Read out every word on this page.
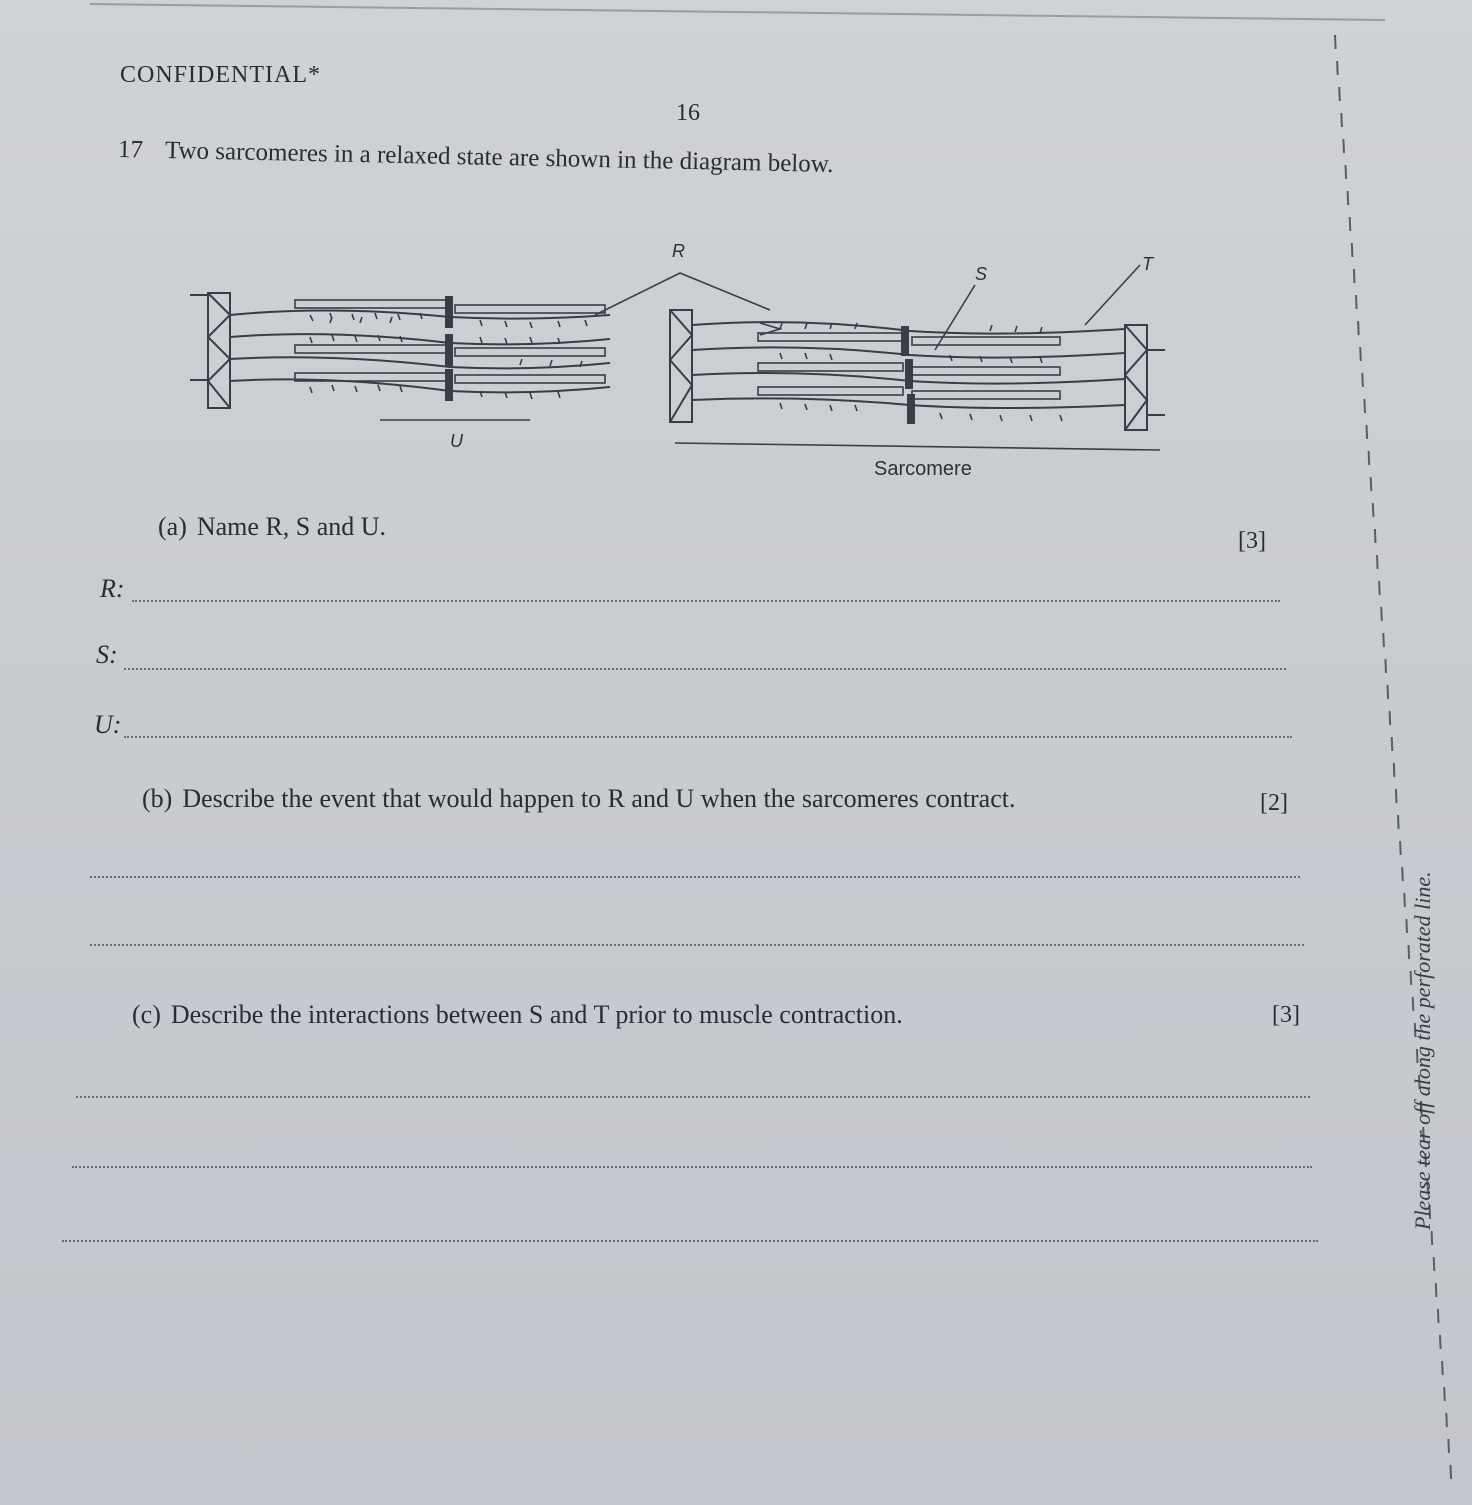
CONFIDENTIAL*
16
17 Two sarcomeres in a relaxed state are shown in the diagram below.
R
S	T
U
Sarcomere
(a) Name R, S and U.	[3]
R:
S:
U:
(b) Describe the event that would happen to R and U when the sarcomeres contract.	[2]
(c) Describe the interactions between S and T prior to muscle contraction.	[3]	Please tear off along the perforated line.
